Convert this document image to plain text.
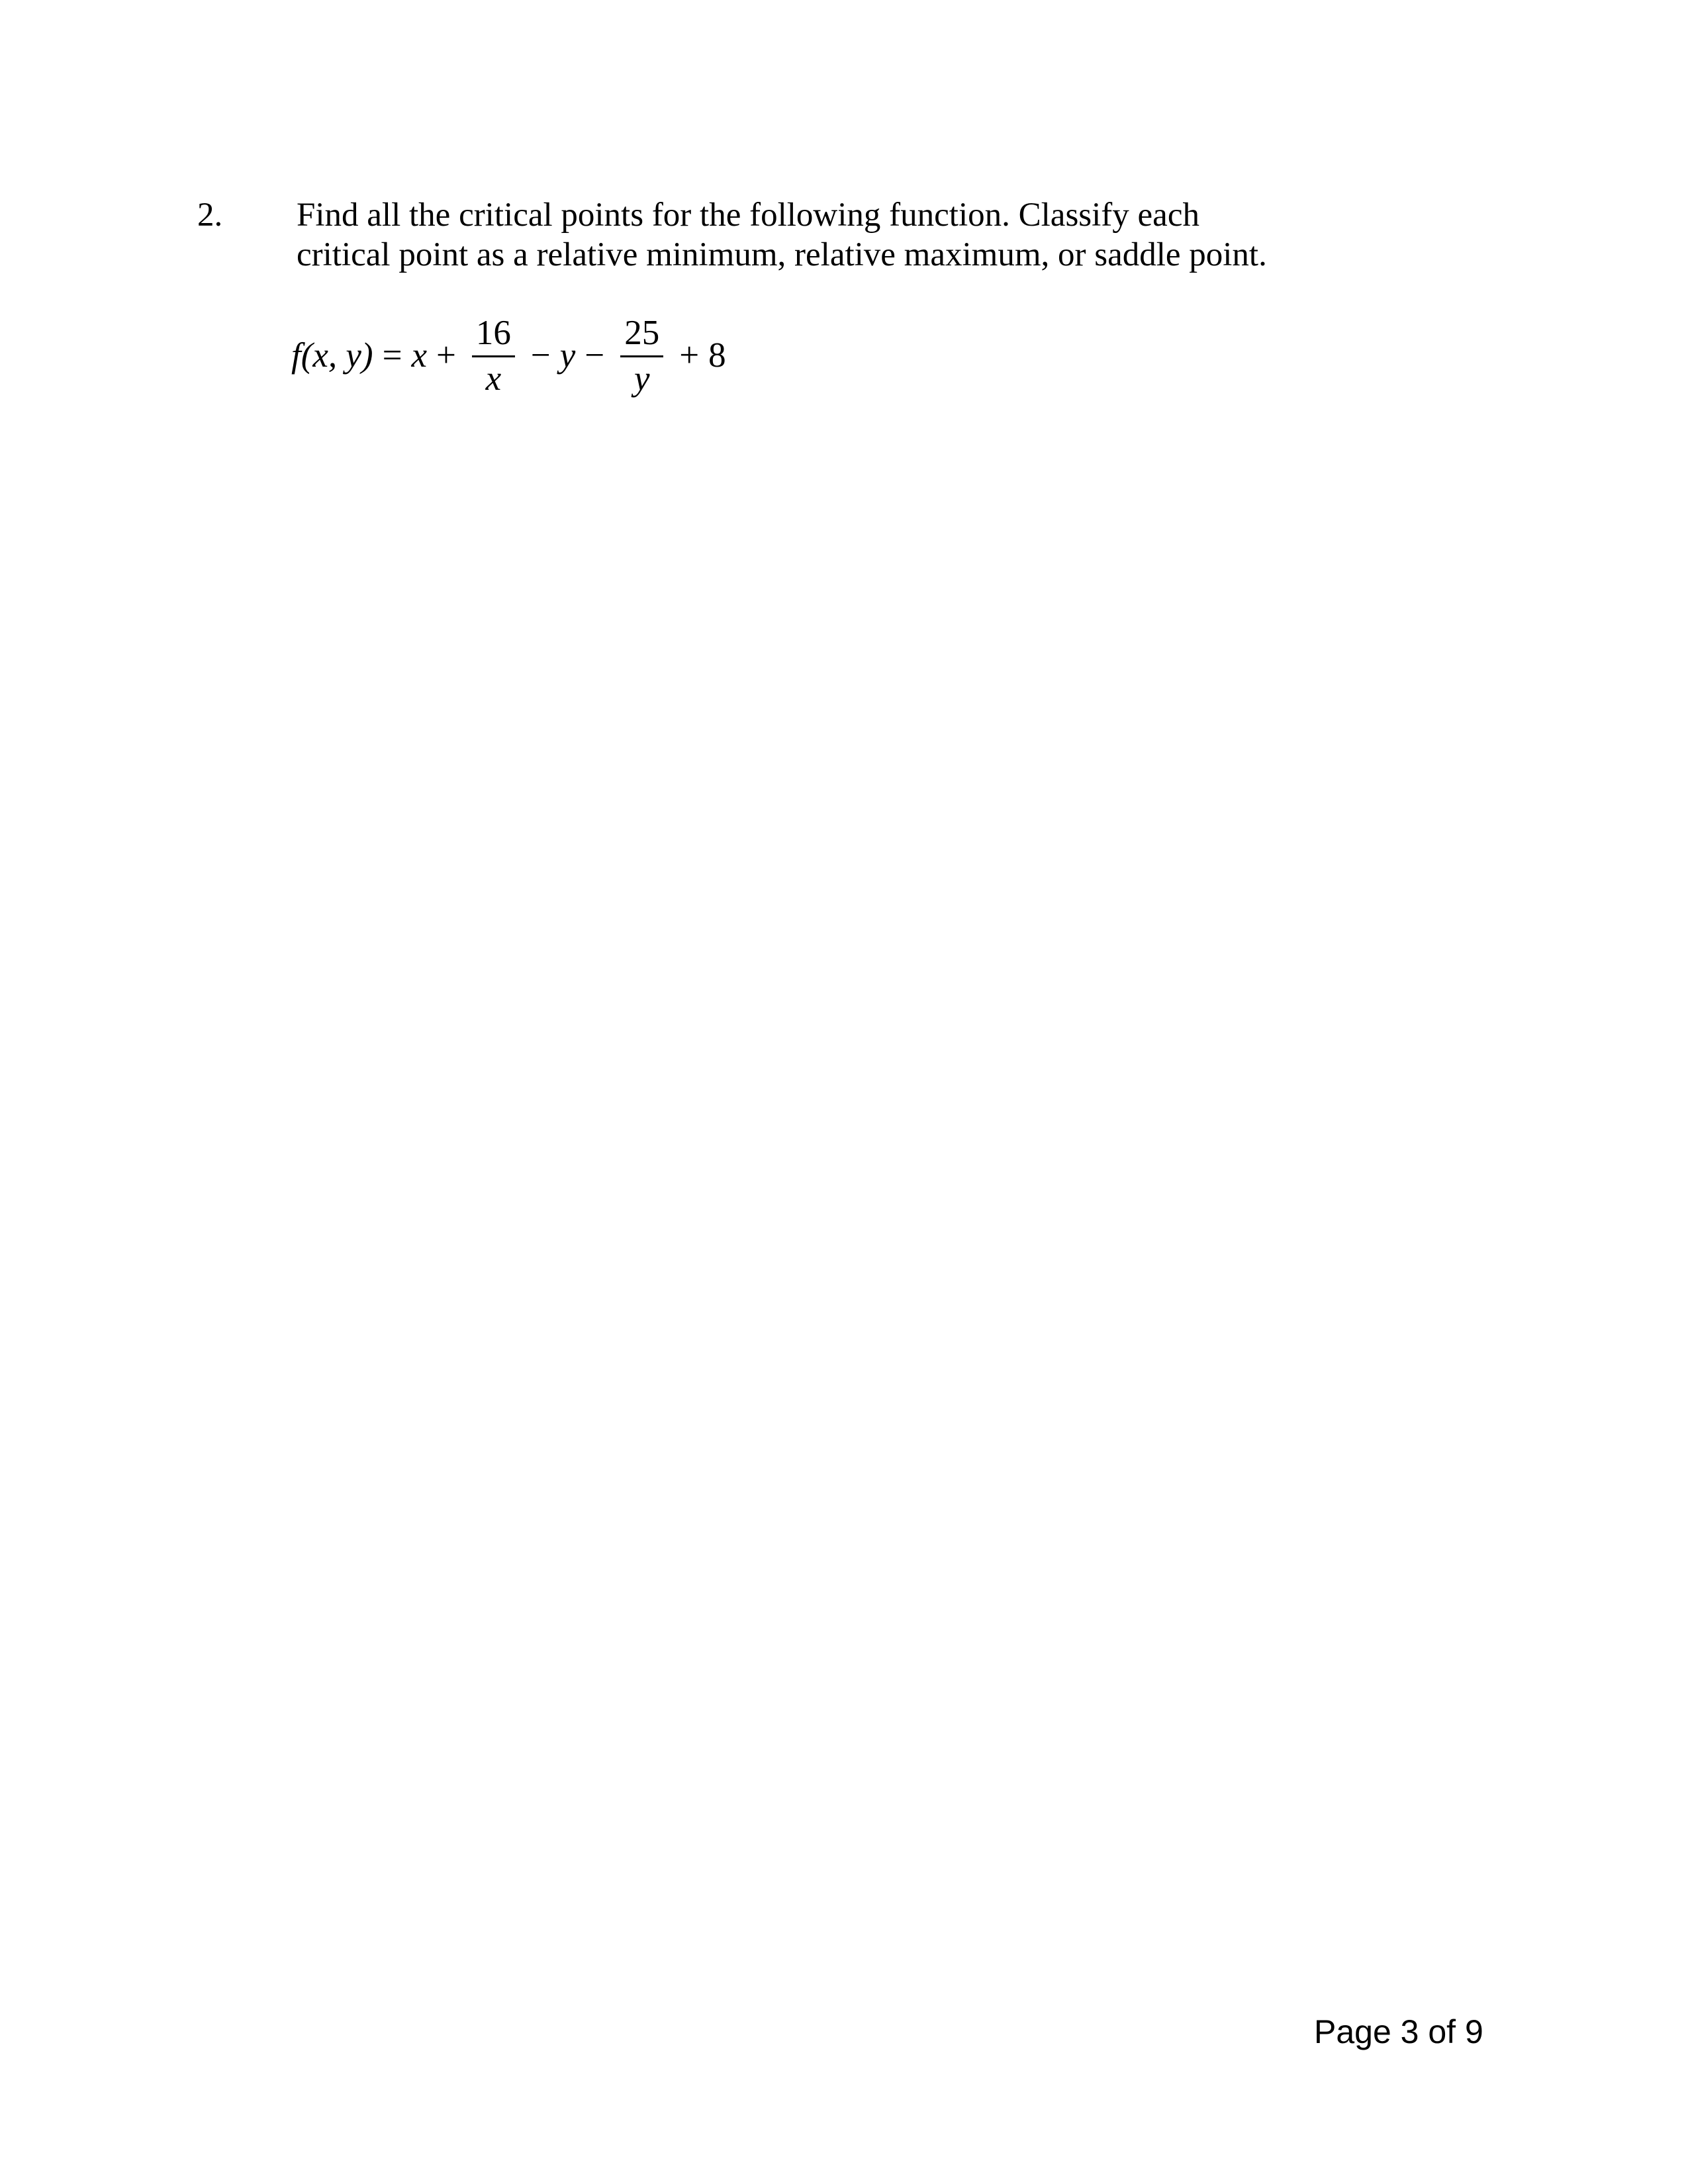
2. Find all the critical points for the following function. Classify each
critical point as a relative minimum, relative maximum, or saddle point.
f(x, $y) = x + \frac{16}{x} - y - \frac{25}{y} + 8$
Page 3 of 9
